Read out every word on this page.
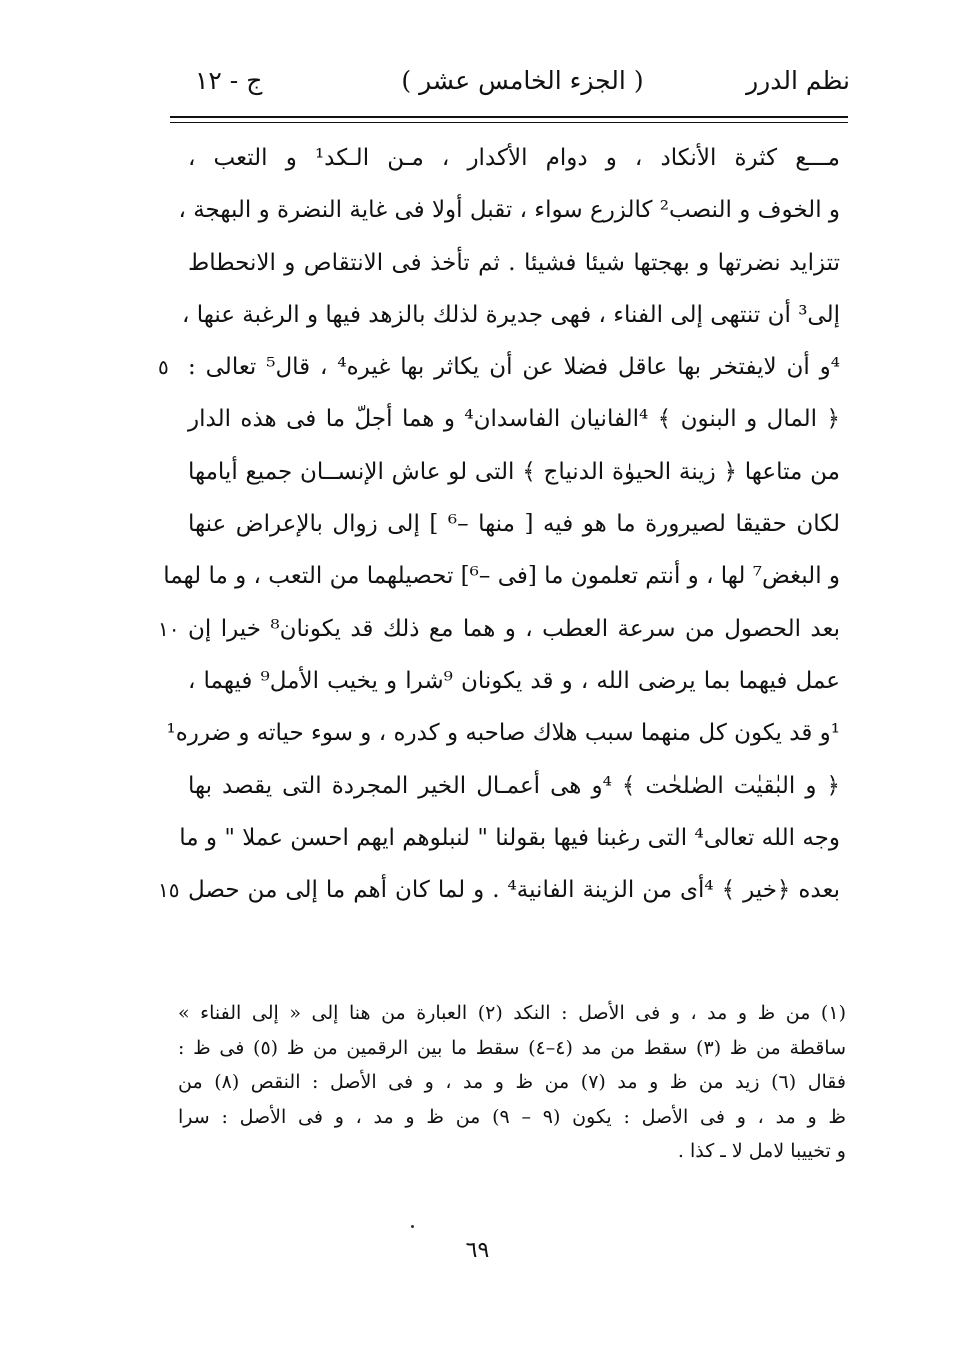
نظم الدرر
( الجزء الخامس عشر )
ج - ١٢
مـــع كثرة الأنكاد ، و دوام الأكدار ، مـن الـكد¹ و التعب ،
و الخوف و النصب² كالزرع سواء ، تقبل أولا فى غاية النضرة و البهجة ،
تتزايد نضرتها و بهجتها شيئا فشيئا . ثم تأخذ فى الانتقاص و الانحطاط
إلى³ أن تنتهى إلى الفناء ، فهى جديرة لذلك بالزهد فيها و الرغبة عنها ،
⁴و أن لايفتخر بها عاقل فضلا عن أن يكاثر بها غيره⁴ ، قال⁵ تعالى :
٥
﴿ المال و البنون ﴾ ⁴الفانيان الفاسدان⁴ و هما أجلّ ما فى هذه الدار
من متاعها ﴿ زينة الحيوٰة الدنياج ﴾ التى لو عاش الإنســان جميع أيامها
لكان حقيقا لصيرورة ما هو فيه [ منها –⁶ ] إلى زوال بالإعراض عنها
و البغض⁷ لها ، و أنتم تعلمون ما [فى –⁶] تحصيلهما من التعب ، و ما لهما
بعد الحصول من سرعة العطب ، و هما مع ذلك قد يكونان⁸ خيرا إن
١٠
عمل فيهما بما يرضى الله ، و قد يكونان ⁹شرا و يخيب الأمل⁹ فيهما ،
¹و قد يكون كل منهما سبب هلاك صاحبه و كدره ، و سوء حياته و ضرره¹
﴿ و البٰقيٰت الصٰلحٰت ﴾ ⁴و هى أعمـال الخير المجردة التى يقصد بها
وجه الله تعالى⁴ التى رغبنا فيها بقولنا " لنبلوهم ايهم احسن عملا " و ما
بعده ﴿خير ﴾ ⁴أى من الزينة الفانية⁴ . و لما كان أهم ما إلى من حصل
١٥
(١) من ظ و مد ، و فى الأصل : النكد (٢) العبارة من هنا إلى « إلى الفناء »
ساقطة من ظ (٣) سقط من مد (٤–٤) سقط ما بين الرقمين من ظ (٥) فى ظ :
فقال (٦) زيد من ظ و مد (٧) من ظ و مد ، و فى الأصل : النقص (٨) من
ظ و مد ، و فى الأصل : يكون (٩ – ٩) من ظ و مد ، و فى الأصل : سرا
و تخييبا لامل لا ـ كذا .
٦٩
